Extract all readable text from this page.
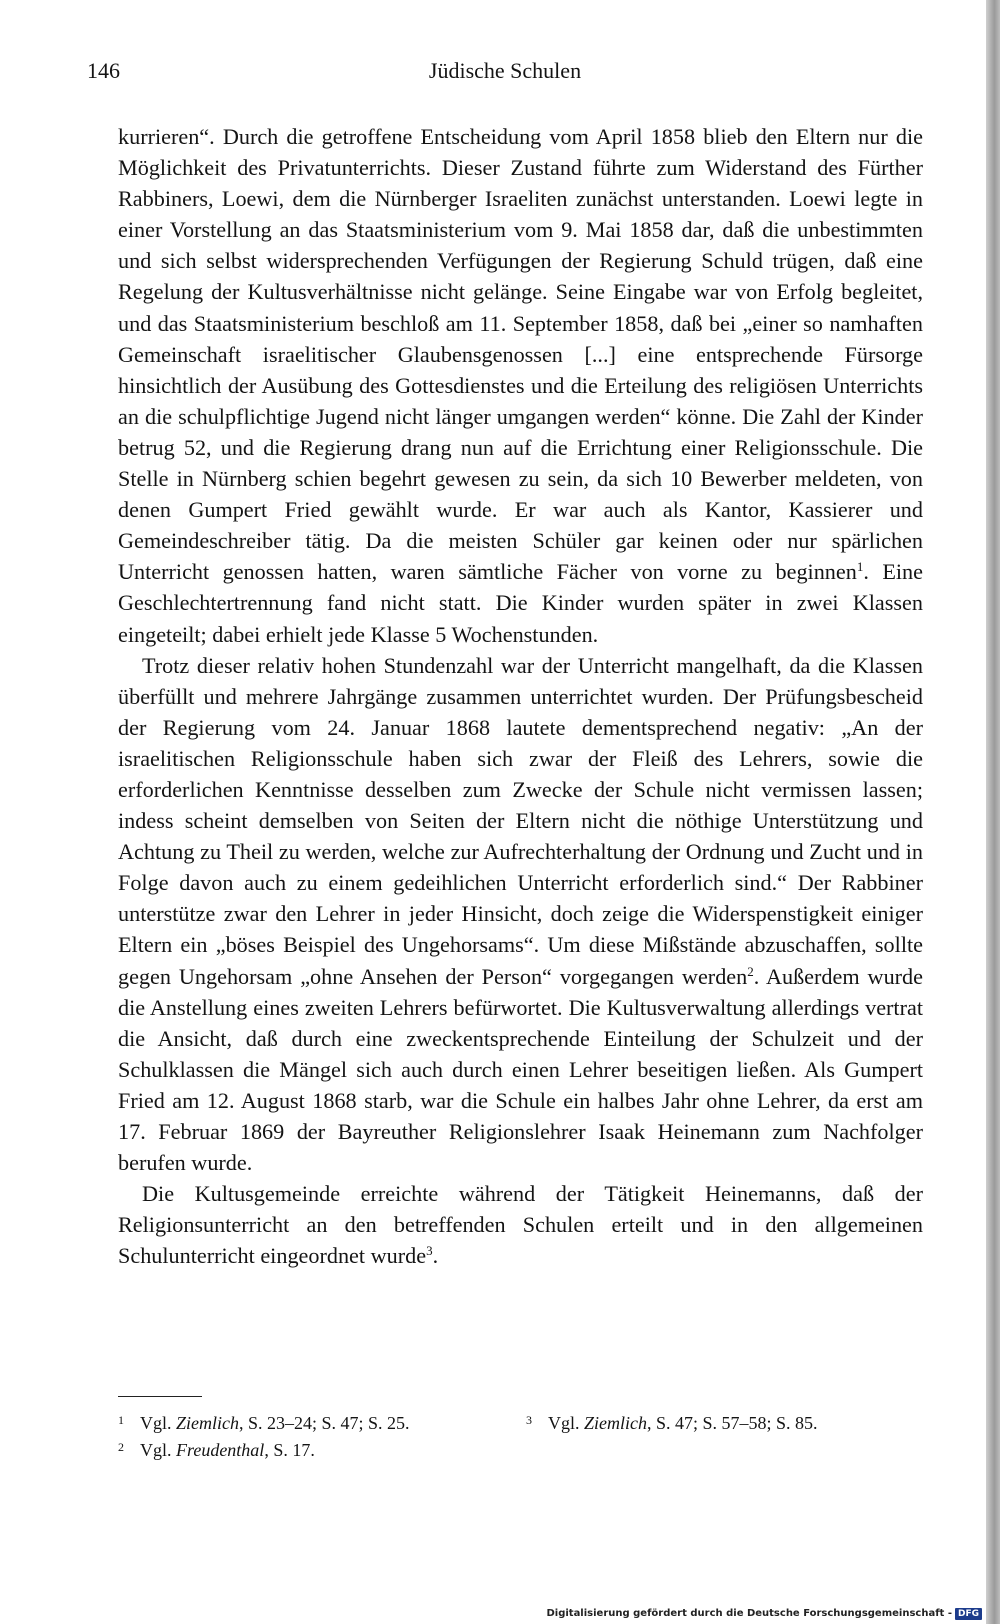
146	Jüdische Schulen

kurrieren“. Durch die getroffene Entscheidung vom April 1858 blieb den Eltern nur die Möglichkeit des Privatunterrichts. Dieser Zustand führte zum Widerstand des Fürther Rabbiners, Loewi, dem die Nürnberger Israeliten zunächst unterstanden. Loewi legte in einer Vorstellung an das Staatsministerium vom 9. Mai 1858 dar, daß die unbestimmten und sich selbst widersprechenden Verfügungen der Regierung Schuld trügen, daß eine Regelung der Kultusverhältnisse nicht gelänge. Seine Eingabe war von Erfolg begleitet, und das Staatsministerium beschloß am 11. September 1858, daß bei „einer so namhaften Gemeinschaft israelitischer Glaubensgenossen [...] eine entsprechende Fürsorge hinsichtlich der Ausübung des Gottesdienstes und die Erteilung des religiösen Unterrichts an die schulpflichtige Jugend nicht länger umgangen werden“ könne. Die Zahl der Kinder betrug 52, und die Regierung drang nun auf die Errichtung einer Religionsschule. Die Stelle in Nürnberg schien begehrt gewesen zu sein, da sich 10 Bewerber meldeten, von denen Gumpert Fried gewählt wurde. Er war auch als Kantor, Kassierer und Gemeindeschreiber tätig. Da die meisten Schüler gar keinen oder nur spärlichen Unterricht genossen hatten, waren sämtliche Fächer von vorne zu beginnen$^1$. Eine Geschlechtertrennung fand nicht statt. Die Kinder wurden später in zwei Klassen eingeteilt; dabei erhielt jede Klasse 5 Wochenstunden.

Trotz dieser relativ hohen Stundenzahl war der Unterricht mangelhaft, da die Klassen überfüllt und mehrere Jahrgänge zusammen unterrichtet wurden. Der Prüfungsbescheid der Regierung vom 24. Januar 1868 lautete dementsprechend negativ: „An der israelitischen Religionsschule haben sich zwar der Fleiß des Lehrers, sowie die erforderlichen Kenntnisse desselben zum Zwecke der Schule nicht vermissen lassen; indess scheint demselben von Seiten der Eltern nicht die nöthige Unterstützung und Achtung zu Theil zu werden, welche zur Aufrechterhaltung der Ordnung und Zucht und in Folge davon auch zu einem gedeihlichen Unterricht erforderlich sind.“ Der Rabbiner unterstütze zwar den Lehrer in jeder Hinsicht, doch zeige die Widerspenstigkeit einiger Eltern ein „böses Beispiel des Ungehorsams“. Um diese Mißstände abzuschaffen, sollte gegen Ungehorsam „ohne Ansehen der Person“ vorgegangen werden$^2$. Außerdem wurde die Anstellung eines zweiten Lehrers befürwortet. Die Kultusverwaltung allerdings vertrat die Ansicht, daß durch eine zweckentsprechende Einteilung der Schulzeit und der Schulklassen die Mängel sich auch durch einen Lehrer beseitigen ließen. Als Gumpert Fried am 12. August 1868 starb, war die Schule ein halbes Jahr ohne Lehrer, da erst am 17. Februar 1869 der Bayreuther Religionslehrer Isaak Heinemann zum Nachfolger berufen wurde.

Die Kultusgemeinde erreichte während der Tätigkeit Heinemanns, daß der Religionsunterricht an den betreffenden Schulen erteilt und in den allgemeinen Schulunterricht eingeordnet wurde$^3$.

1 Vgl. Ziemlich, S. 23–24; S. 47; S. 25.	3 Vgl. Ziemlich, S. 47; S. 57–58; S. 85.
2 Vgl. Freudenthal, S. 17.
Digitalisierung gefördert durch die Deutsche Forschungsgemeinschaft - DFG
